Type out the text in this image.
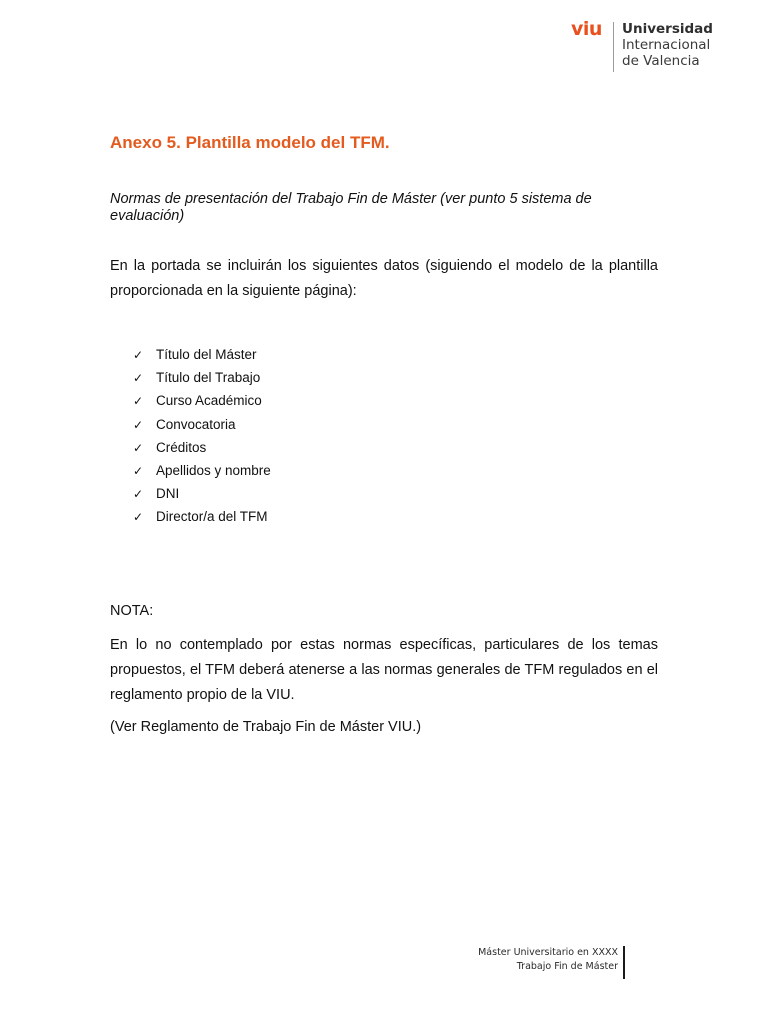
viu Universidad
Internacional
de Valencia
Anexo 5. Plantilla modelo del TFM.
Normas de presentación del Trabajo Fin de Máster (ver punto 5 sistema de evaluación)
En la portada se incluirán los siguientes datos (siguiendo el modelo de la plantilla proporcionada en la siguiente página):
✓ Título del Máster
✓ Título del Trabajo
✓ Curso Académico
✓ Convocatoria
✓ Créditos
✓ Apellidos y nombre
✓ DNI
✓ Director/a del TFM
NOTA:
En lo no contemplado por estas normas específicas, particulares de los temas propuestos, el TFM deberá atenerse a las normas generales de TFM regulados en el reglamento propio de la VIU.
(Ver Reglamento de Trabajo Fin de Máster VIU.)
Máster Universitario en XXXX
Trabajo Fin de Máster
